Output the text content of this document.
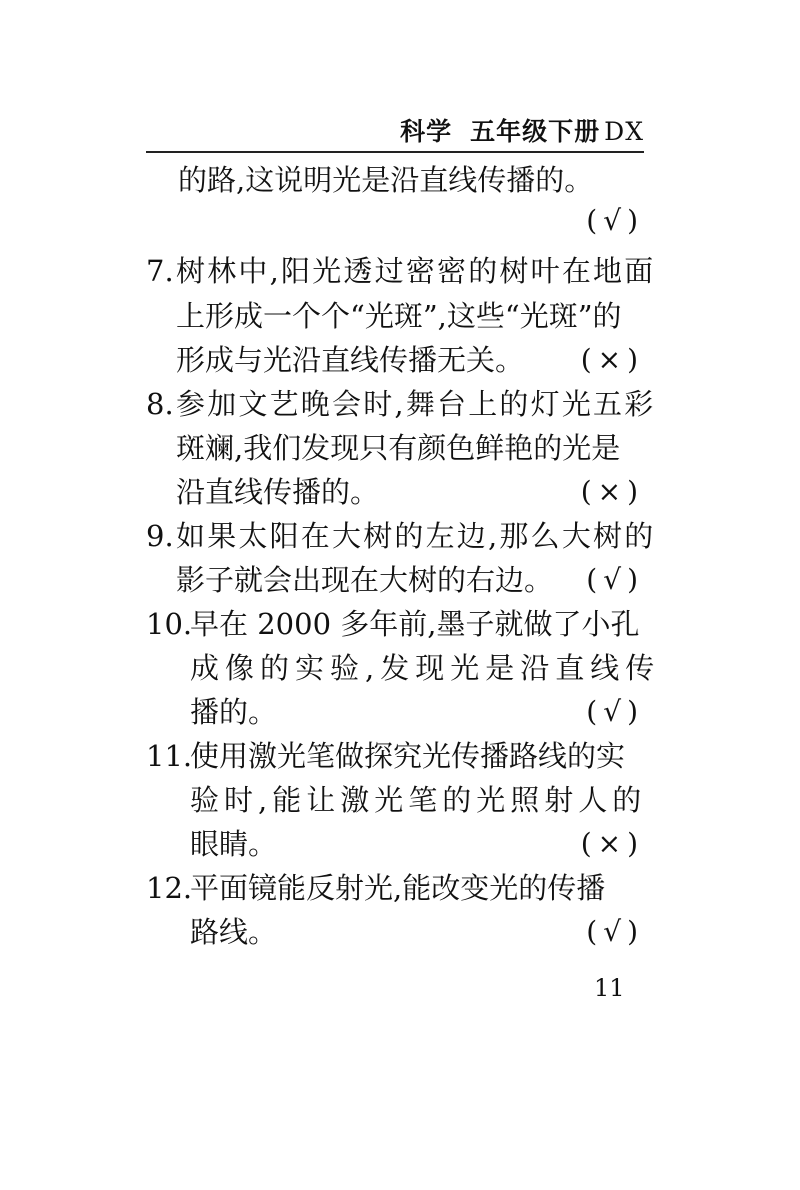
科学 五年级下册 DX
的路,这说明光是沿直线传播的。
(√)
7. 树林中,阳光透过密密的树叶在地面
上形成一个个“光斑”,这些“光斑”的
形成与光沿直线传播无关。 (×)
8. 参加文艺晚会时,舞台上的灯光五彩
斑斓,我们发现只有颜色鲜艳的光是
沿直线传播的。	(×)
9. 如果太阳在大树的左边,那么大树的
影子就会出现在大树的右边。 (√)
10.
早在 2000 多年前,墨子就做了小孔
成像的实验,发现光是沿直线传
播的。	(√)
11.
使用激光笔做探究光传播路线的实
验时,能让激光笔的光照射人的
眼睛。	(×)
12.
平面镜能反射光,能改变光的传播
路线。	(√)
11
